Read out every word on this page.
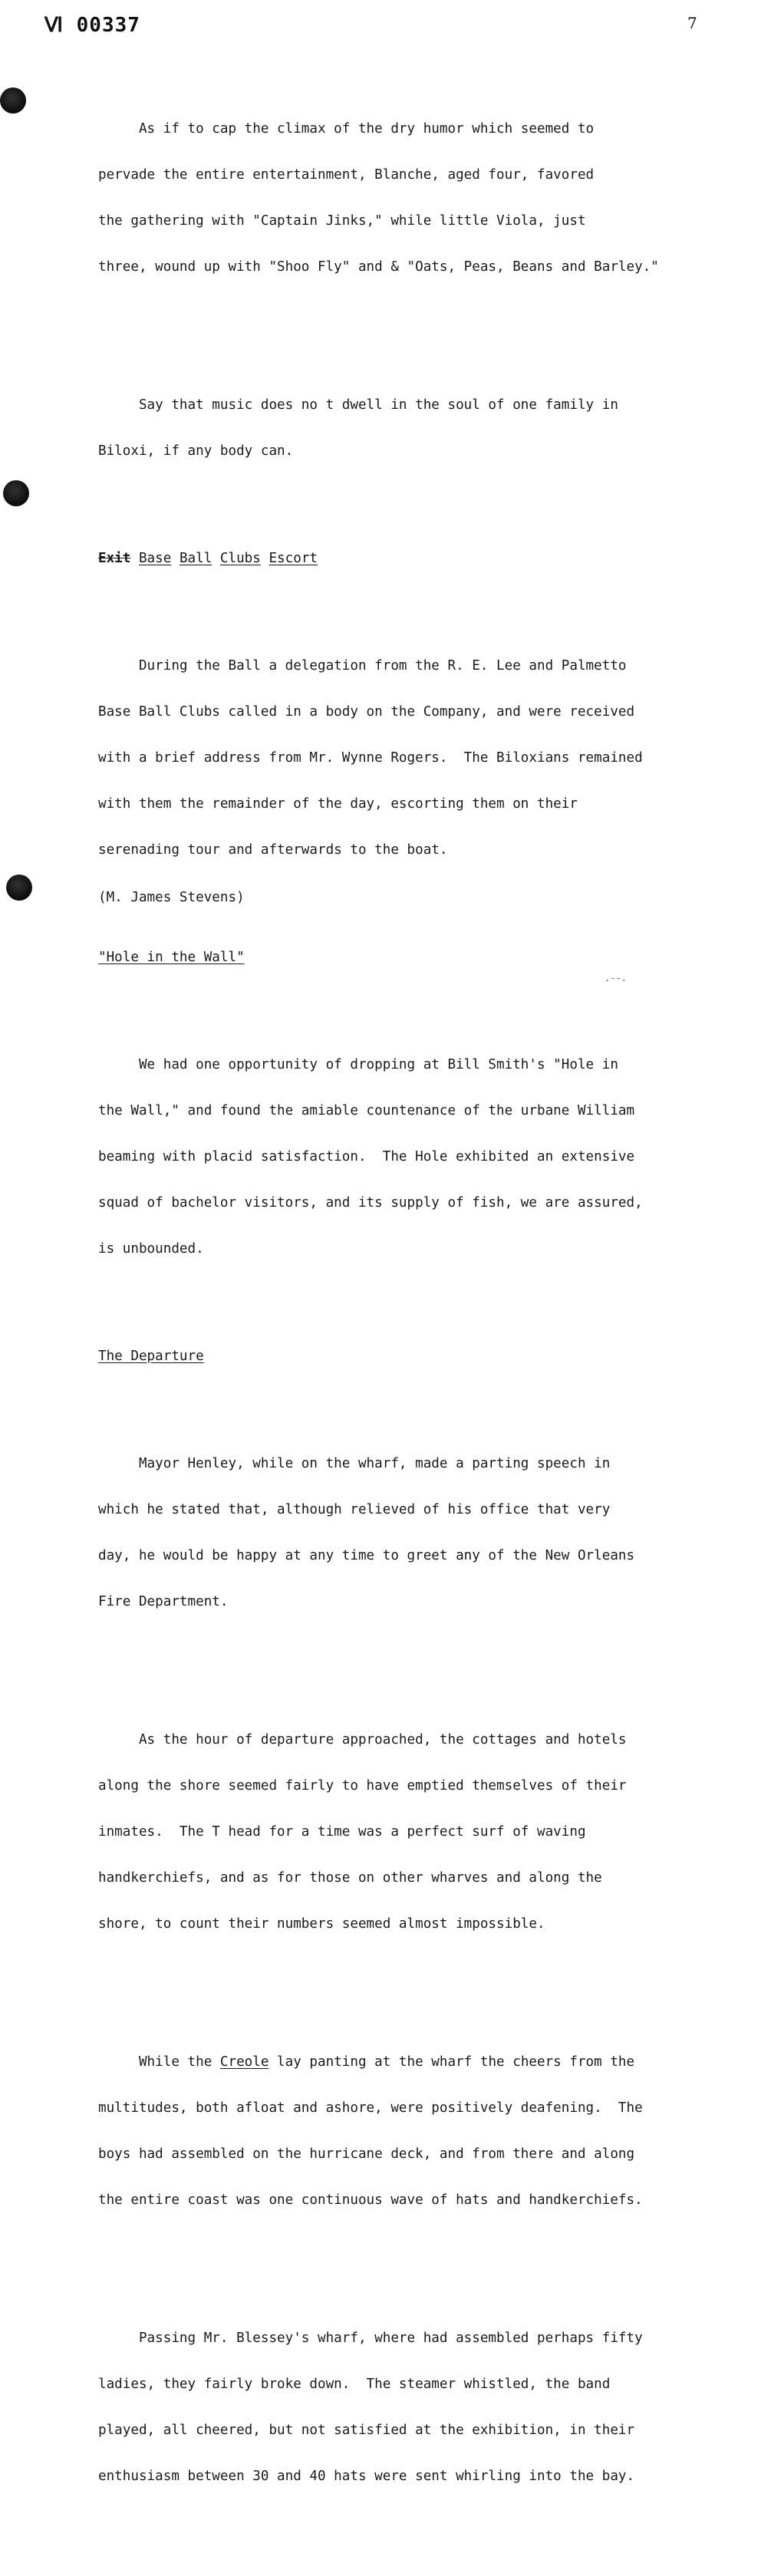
Ⅵ 00337	7

As if to cap the climax of the dry humor which seemed to

pervade the entire entertainment, Blanche, aged four, favored

the gathering with "Captain Jinks," while little Viola, just

three, wound up with "Shoo Fly" and & "Oats, Peas, Beans and Barley."

Say that music does no t dwell in the soul of one family in

Biloxi, if any body can.

Exit Base Ball Clubs Escort

During the Ball a delegation from the R. E. Lee and Palmetto

Base Ball Clubs called in a body on the Company, and were received

with a brief address from Mr. Wynne Rogers.  The Biloxians remained

with them the remainder of the day, escorting them on their

serenading tour and afterwards to the boat.

"Hole in the Wall"

We had one opportunity of dropping at Bill Smith's "Hole in

the Wall," and found the amiable countenance of the urbane William

beaming with placid satisfaction.  The Hole exhibited an extensive

squad of bachelor visitors, and its supply of fish, we are assured,

is unbounded.

The Departure

Mayor Henley, while on the wharf, made a parting speech in

which he stated that, although relieved of his office that very

day, he would be happy at any time to greet any of the New Orleans

Fire Department.

As the hour of departure approached, the cottages and hotels

along the shore seemed fairly to have emptied themselves of their

inmates.  The T head for a time was a perfect surf of waving

handkerchiefs, and as for those on other wharves and along the

shore, to count their numbers seemed almost impossible.

While the Creole lay panting at the wharf the cheers from the

multitudes, both afloat and ashore, were positively deafening.  The

boys had assembled on the hurricane deck, and from there and along

the entire coast was one continuous wave of hats and handkerchiefs.

Passing Mr. Blessey's wharf, where had assembled perhaps fifty

ladies, they fairly broke down.  The steamer whistled, the band

played, all cheered, but not satisfied at the exhibition, in their

enthusiasm between 30 and 40 hats were sent whirling into the bay.

(M. James Stevens)
.--.
